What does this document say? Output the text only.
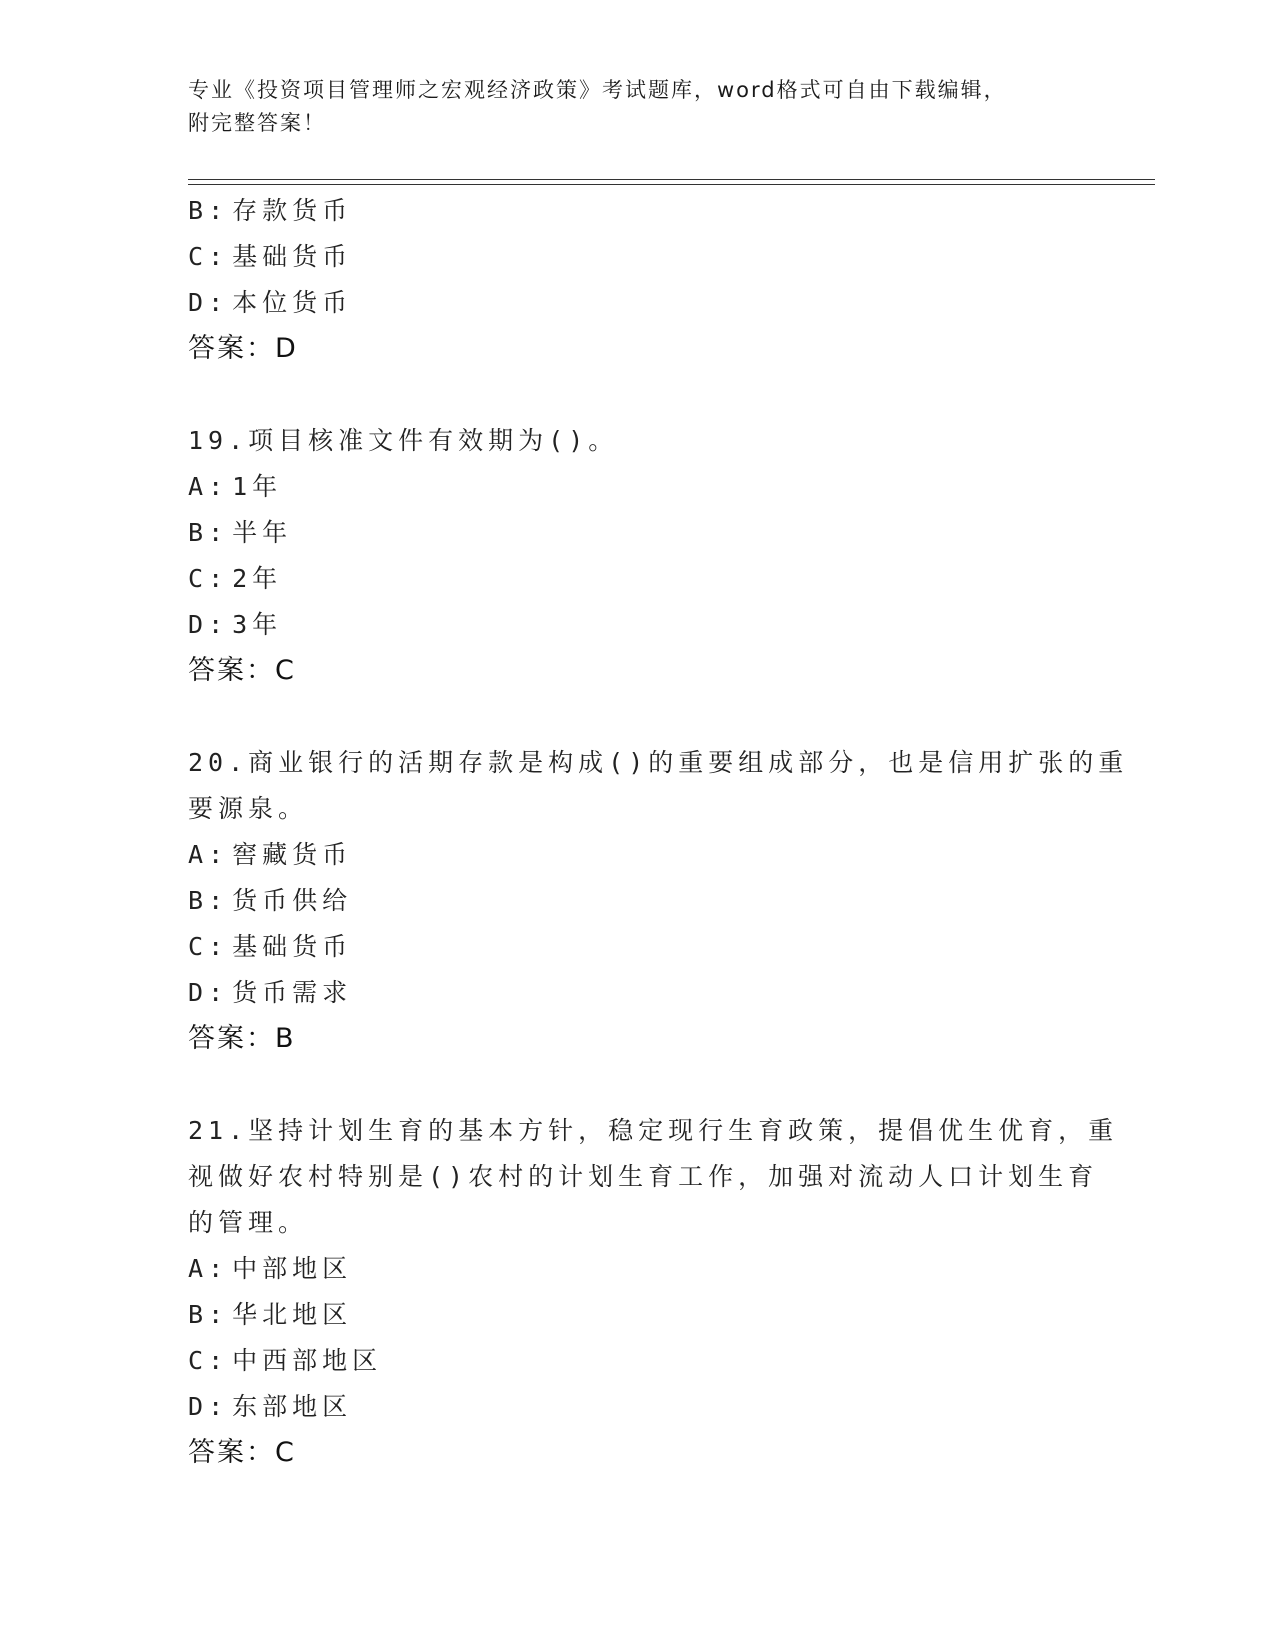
专业《投资项目管理师之宏观经济政策》考试题库，word格式可自由下载编辑，
附完整答案！
B: 存款货币
C: 基础货币
D: 本位货币
答案：D
19.项目核准文件有效期为()。
A: 1年
B: 半年
C: 2年
D: 3年
答案：C
20.商业银行的活期存款是构成()的重要组成部分，也是信用扩张的重
要源泉。
A: 窖藏货币
B: 货币供给
C: 基础货币
D: 货币需求
答案：B
21.坚持计划生育的基本方针，稳定现行生育政策，提倡优生优育，重
视做好农村特别是()农村的计划生育工作，加强对流动人口计划生育
的管理。
A: 中部地区
B: 华北地区
C: 中西部地区
D: 东部地区
答案：C
